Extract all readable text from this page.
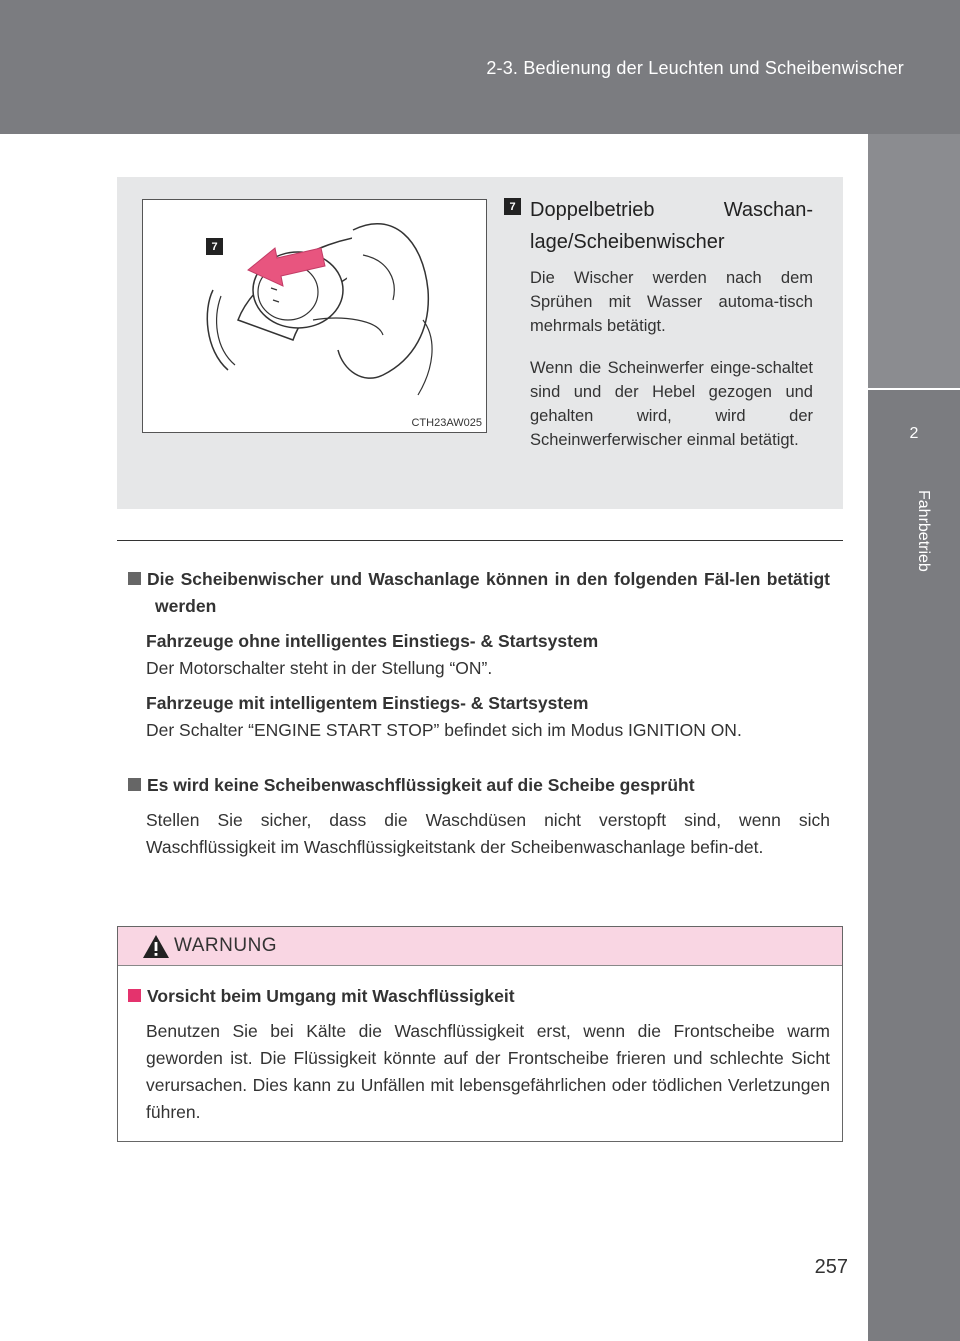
2-3. Bedienung der Leuchten und Scheibenwischer
2
Fahrbetrieb
7
CTH23AW025
7 Doppelbetrieb Waschan-lage/Scheibenwischer
Die Wischer werden nach dem Sprühen mit Wasser automa-tisch mehrmals betätigt.
Wenn die Scheinwerfer einge-schaltet sind und der Hebel gezogen und gehalten wird, wird der Scheinwerferwischer einmal betätigt.
Die Scheibenwischer und Waschanlage können in den folgenden Fäl-len betätigt werden
Fahrzeuge ohne intelligentes Einstiegs- & Startsystem
Der Motorschalter steht in der Stellung “ON”.
Fahrzeuge mit intelligentem Einstiegs- & Startsystem
Der Schalter “ENGINE START STOP” befindet sich im Modus IGNITION ON.
Es wird keine Scheibenwaschflüssigkeit auf die Scheibe gesprüht
Stellen Sie sicher, dass die Waschdüsen nicht verstopft sind, wenn sich Waschflüssigkeit im Waschflüssigkeitstank der Scheibenwaschanlage befin-det.
WARNUNG
Vorsicht beim Umgang mit Waschflüssigkeit
Benutzen Sie bei Kälte die Waschflüssigkeit erst, wenn die Frontscheibe warm geworden ist. Die Flüssigkeit könnte auf der Frontscheibe frieren und schlechte Sicht verursachen. Dies kann zu Unfällen mit lebensgefährlichen oder tödlichen Verletzungen führen.
257
